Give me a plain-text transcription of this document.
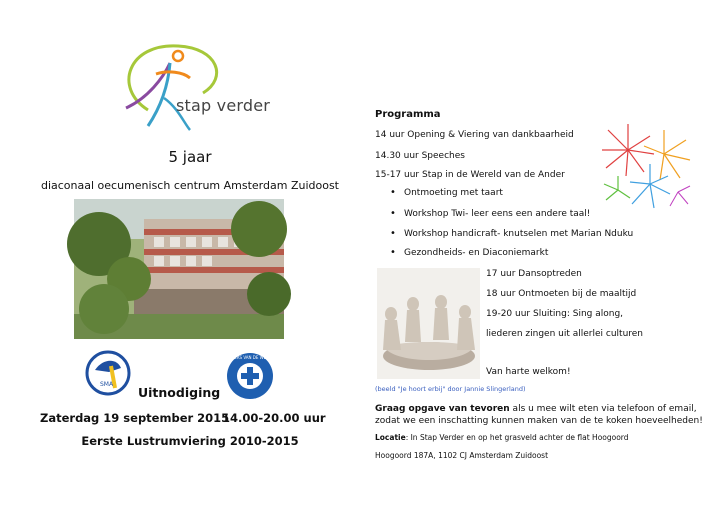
stap verder
5 jaar
diaconaal oecumenisch centrum Amsterdam Zuidoost
SMA
DOKTERS VAN DE WERELD
Uitnodiging
Zaterdag 19 september 2015
14.00-20.00 uur
Eerste Lustrumviering 2010-2015
Programma
14 uur Opening & Viering van dankbaarheid
14.30 uur Speeches
15-17 uur Stap in de Wereld van de Ander
• Ontmoeting met taart
• Workshop Twi- leer eens een andere taal!
• Workshop handicraft- knutselen met Marian Nduku
• Gezondheids- en Diaconiemarkt
17 uur Dansoptreden
18 uur Ontmoeten bij de maaltijd
19-20 uur Sluiting: Sing along,
liederen zingen uit allerlei culturen
Van harte welkom!
(beeld "Je hoort erbij" door Jannie Slingerland)
Graag opgave van tevoren als u mee wilt eten via telefoon of email, zodat we een inschatting kunnen maken van de te koken hoeveelheden!
Locatie: In Stap Verder en op het grasveld achter de flat Hoogoord
Hoogoord 187A, 1102 CJ Amsterdam Zuidoost
